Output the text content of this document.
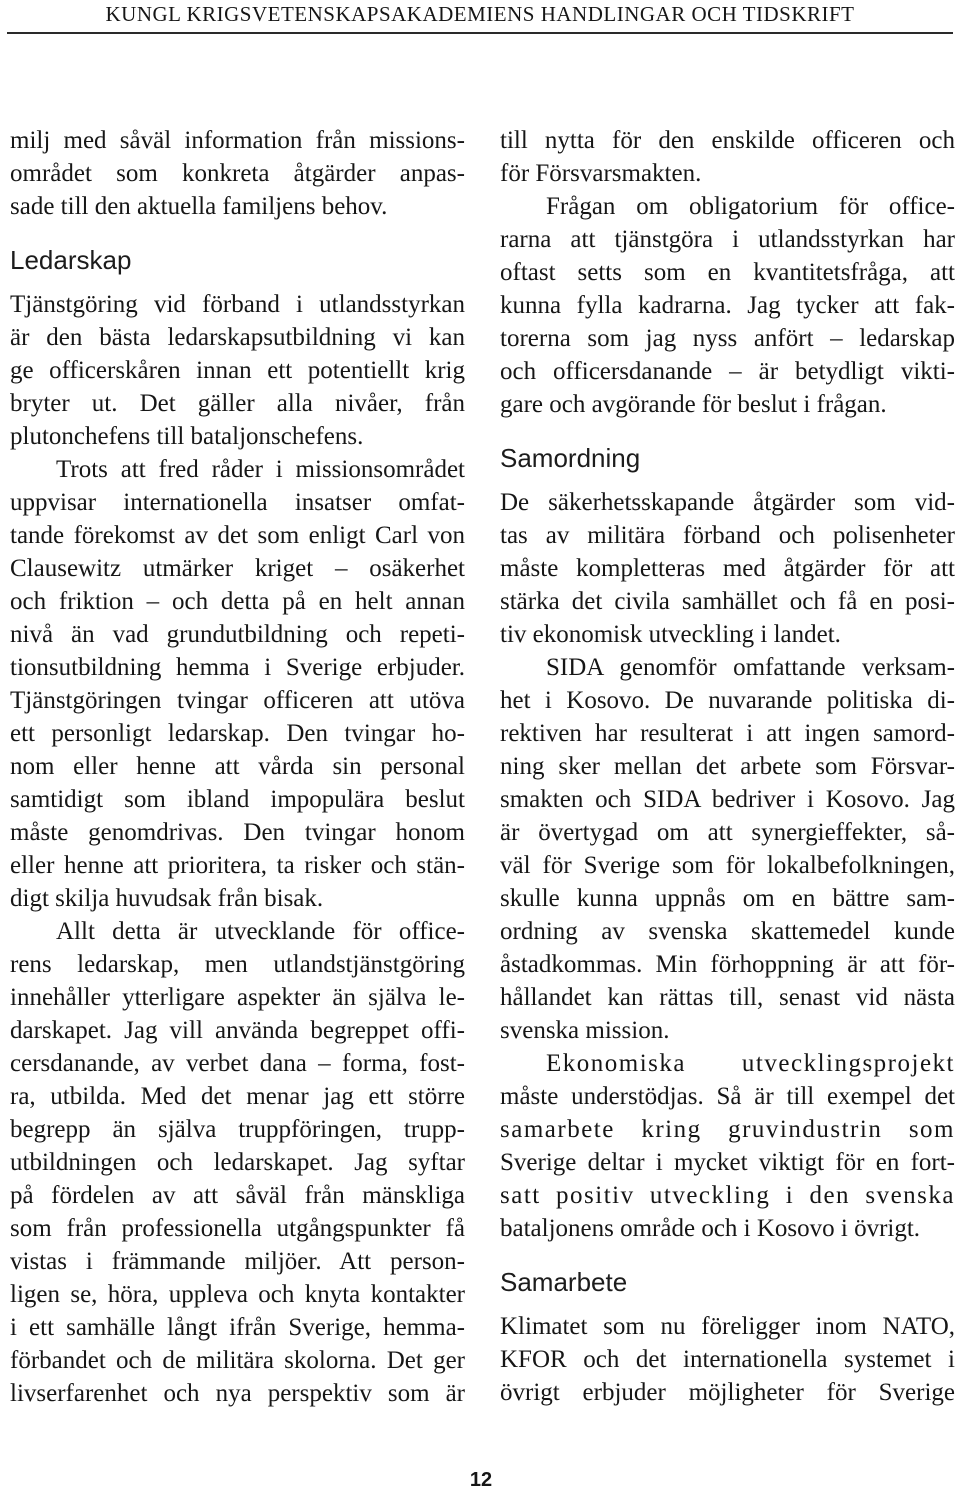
KUNGL KRIGSVETENSKAPSAKADEMIENS HANDLINGAR OCH TIDSKRIFT
milj med såväl information från missions-
området som konkreta åtgärder anpas-
sade till den aktuella familjens behov.
Ledarskap
Tjänstgöring vid förband i utlandsstyrkan
är den bästa ledarskapsutbildning vi kan
ge officerskåren innan ett potentiellt krig
bryter ut. Det gäller alla nivåer, från
plutonchefens till bataljonschefens.
Trots att fred råder i missionsområdet
uppvisar internationella insatser omfat-
tande förekomst av det som enligt Carl von
Clausewitz utmärker kriget – osäkerhet
och friktion – och detta på en helt annan
nivå än vad grundutbildning och repeti-
tionsutbildning hemma i Sverige erbjuder.
Tjänstgöringen tvingar officeren att utöva
ett personligt ledarskap. Den tvingar ho-
nom eller henne att vårda sin personal
samtidigt som ibland impopulära beslut
måste genomdrivas. Den tvingar honom
eller henne att prioritera, ta risker och stän-
digt skilja huvudsak från bisak.
Allt detta är utvecklande för office-
rens ledarskap, men utlandstjänstgöring
innehåller ytterligare aspekter än själva le-
darskapet. Jag vill använda begreppet offi-
cersdanande, av verbet dana – forma, fost-
ra, utbilda. Med det menar jag ett större
begrepp än själva truppföringen, trupp-
utbildningen och ledarskapet. Jag syftar
på fördelen av att såväl från mänskliga
som från professionella utgångspunkter få
vistas i främmande miljöer. Att person-
ligen se, höra, uppleva och knyta kontakter
i ett samhälle långt ifrån Sverige, hemma-
förbandet och de militära skolorna. Det ger
livserfarenhet och nya perspektiv som är
till nytta för den enskilde officeren och
för Försvarsmakten.
Frågan om obligatorium för office-
rarna att tjänstgöra i utlandsstyrkan har
oftast setts som en kvantitetsfråga, att
kunna fylla kadrarna. Jag tycker att fak-
torerna som jag nyss anfört – ledarskap
och officersdanande – är betydligt vikti-
gare och avgörande för beslut i frågan.
Samordning
De säkerhetsskapande åtgärder som vid-
tas av militära förband och polisenheter
måste kompletteras med åtgärder för att
stärka det civila samhället och få en posi-
tiv ekonomisk utveckling i landet.
SIDA genomför omfattande verksam-
het i Kosovo. De nuvarande politiska di-
rektiven har resulterat i att ingen samord-
ning sker mellan det arbete som Försvar-
smakten och SIDA bedriver i Kosovo. Jag
är övertygad om att synergieffekter, så-
väl för Sverige som för lokalbefolkningen,
skulle kunna uppnås om en bättre sam-
ordning av svenska skattemedel kunde
åstadkommas. Min förhoppning är att för-
hållandet kan rättas till, senast vid nästa
svenska mission.
Ekonomiska utvecklingsprojekt
måste understödjas. Så är till exempel det
samarbete kring gruvindustrin som
Sverige deltar i mycket viktigt för en fort-
satt positiv utveckling i den svenska
bataljonens område och i Kosovo i övrigt.
Samarbete
Klimatet som nu föreligger inom NATO,
KFOR och det internationella systemet i
övrigt erbjuder möjligheter för Sverige
12
